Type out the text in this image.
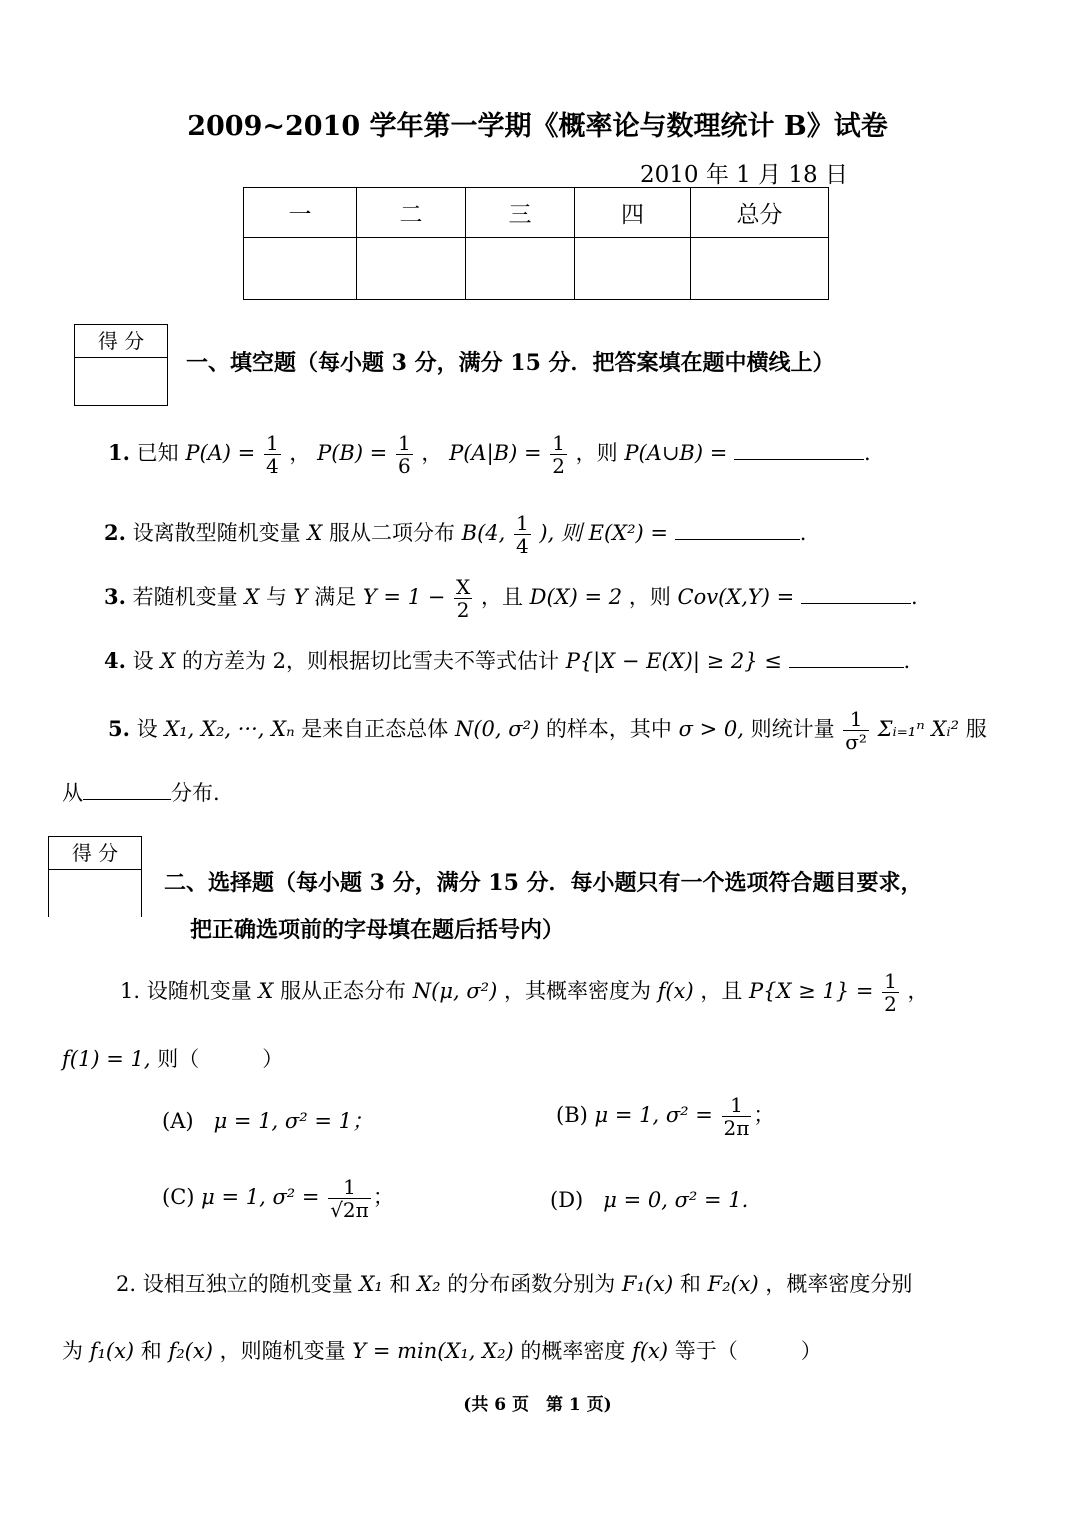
2009~2010 学年第一学期《概率论与数理统计 B》试卷
2010 年 1 月 18 日
一	二	三	四	总分

得 分
一、填空题（每小题 3 分，满分 15 分．把答案填在题中横线上）
1. 已知 $P(A) = \frac{1}{4}$ ， $P(B) = \frac{1}{6}$ ， $P(A|B) = \frac{1}{2}$ ，则 P(A∪B) =	.
2. 设离散型随机变量 X 服从二项分布 B(4, $\frac{1}{4}$ ), 则 E(X²) =	.
3. 若随机变量 X 与 Y 满足 $Y = 1 - \frac{X}{2}$ ，且 D(X) = 2 ，则 Cov(X,Y) =	.
4. 设 X 的方差为 2，则根据切比雪夫不等式估计 P{|X − E(X)| ≥ 2} ≤	.
5. 设 X₁, X₂, ···, Xₙ 是来自正态总体 N(0, σ²) 的样本，其中 σ > 0, 则统计量 $\frac{1}{\text{σ²}}$ Σᵢ₌₁ⁿ Xᵢ² 服
从	分布.
得 分
二、选择题（每小题 3 分，满分 15 分．每小题只有一个选项符合题目要求，
把正确选项前的字母填在题后括号内）
1. 设随机变量 X 服从正态分布 N(μ, σ²) ，其概率密度为 f(x) ，且 $P\{X \ge 1\} = \frac{1}{2}$ ，
f(1) = 1, 则（　　　）
(A) μ = 1, σ² = 1；	(B) μ = 1, $\sigma^2 = \frac{1}{2\pi}$ ；
(C) μ = 1, $\sigma^2 = \frac{1}{√2\pi}$ ；	(D) μ = 0, σ² = 1.
2. 设相互独立的随机变量 X₁ 和 X₂ 的分布函数分别为 F₁(x) 和 F₂(x) ，概率密度分别
为 f₁(x) 和 f₂(x) ，则随机变量 Y = min(X₁, X₂) 的概率密度 f(x) 等于（　　　）
(共 6 页　第 1 页)
